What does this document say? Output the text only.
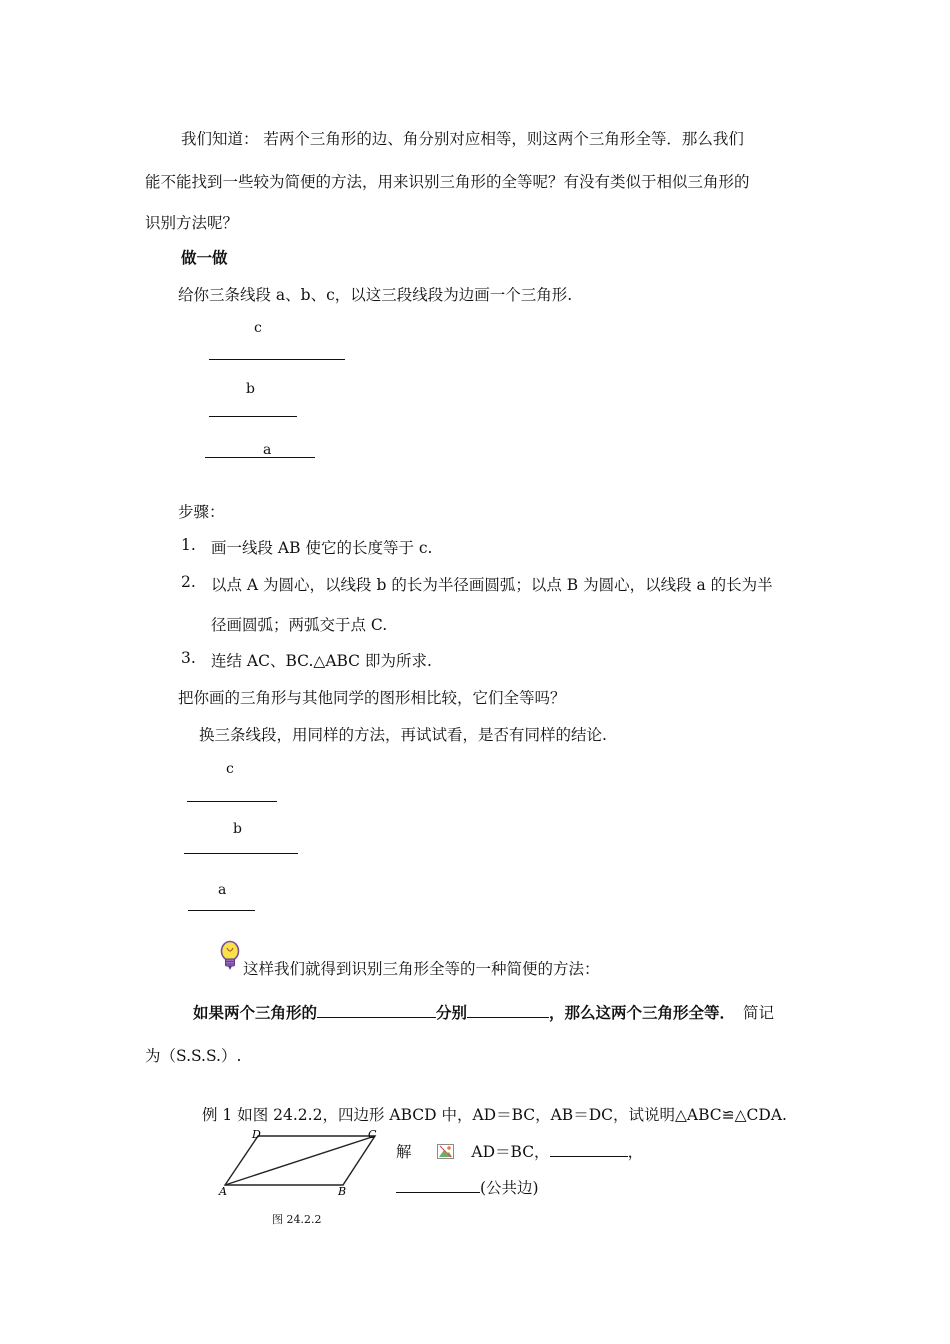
我们知道： 若两个三角形的边、角分别对应相等，则这两个三角形全等．那么我们
能不能找到一些较为简便的方法，用来识别三角形的全等呢？有没有类似于相似三角形的
识别方法呢？
做一做
给你三条线段 a、b、c，以这三段线段为边画一个三角形.
c
b
a
步骤：
1. 画一线段 AB 使它的长度等于 c.
2. 以点 A 为圆心，以线段 b 的长为半径画圆弧；以点 B 为圆心，以线段 a 的长为半
径画圆弧；两弧交于点 C.
3. 连结 AC、BC.△ABC 即为所求.
把你画的三角形与其他同学的图形相比较，它们全等吗？
换三条线段，用同样的方法，再试试看，是否有同样的结论.
c
b
a
这样我们就得到识别三角形全等的一种简便的方法：
如果两个三角形的	分别	，那么这两个三角形全等． 简记
为（S.S.S.）.
例 1 如图 24.2.2，四边形 ABCD 中，AD＝BC，AB＝DC，试说明△ABC≌△CDA.
D	C
A	B
图 24.2.2
解	AD＝BC，	，
(公共边)
